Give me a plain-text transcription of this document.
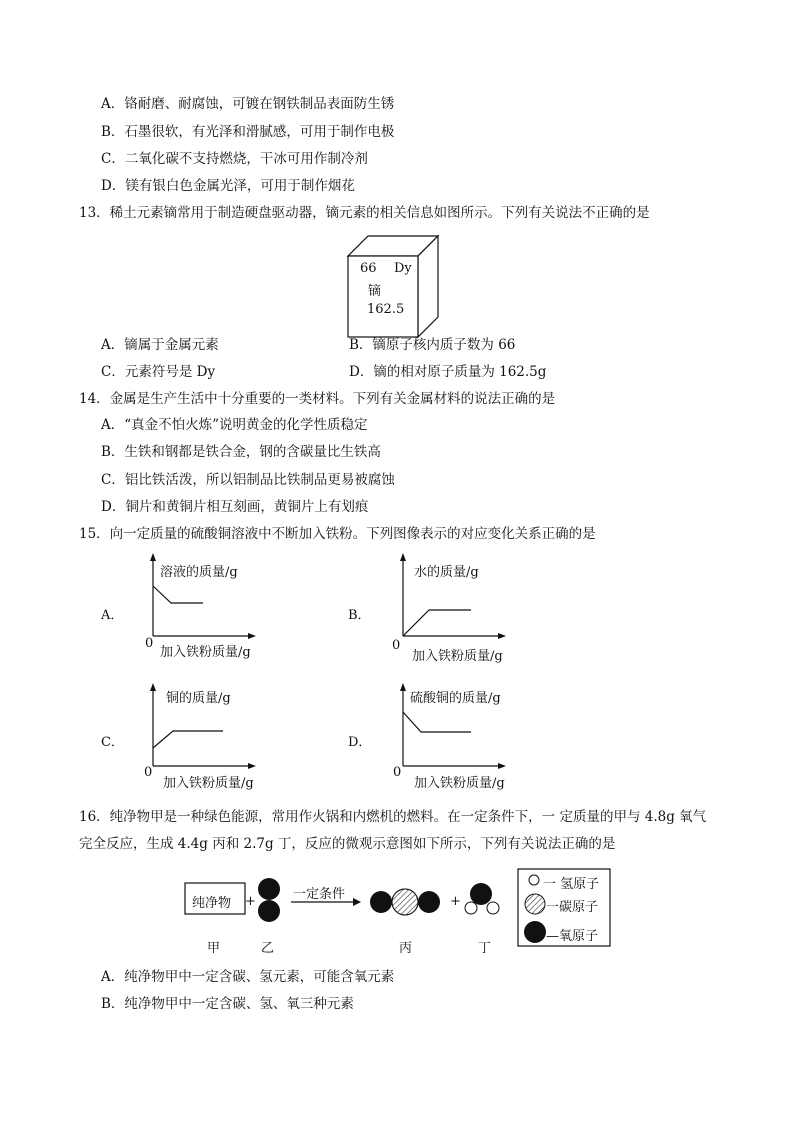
A．铬耐磨、耐腐蚀，可镀在钢铁制品表面防生锈
B．石墨很软，有光泽和滑腻感，可用于制作电极
C．二氧化碳不支持燃烧，干冰可用作制冷剂
D．镁有银白色金属光泽，可用于制作烟花
13．稀土元素镝常用于制造硬盘驱动器，镝元素的相关信息如图所示。下列有关说法不正确的是
66 Dy
镝
162.5
A．镝属于金属元素	B．镝原子核内质子数为 66
C．元素符号是 Dy	D．镝的相对原子质量为 162.5g
14．金属是生产生活中十分重要的一类材料。下列有关金属材料的说法正确的是
A．“真金不怕火炼”说明黄金的化学性质稳定
B．生铁和钢都是铁合金，钢的含碳量比生铁高
C．铝比铁活泼，所以铝制品比铁制品更易被腐蚀
D．铜片和黄铜片相互刻画，黄铜片上有划痕
15．向一定质量的硫酸铜溶液中不断加入铁粉。下列图像表示的对应变化关系正确的是
A．
溶液的质量/g
0
加入铁粉质量/g
B．
水的质量/g
0
加入铁粉质量/g
C．
铜的质量/g
0
加入铁粉质量/g
D．
硫酸铜的质量/g
0
加入铁粉质量/g
16．纯净物甲是一种绿色能源，常用作火锅和内燃机的燃料。在一定条件下，一 定质量的甲与 4.8g 氧气
完全反应，生成 4.4g 丙和 2.7g 丁，反应的微观示意图如下所示，下列有关说法正确的是
纯净物 +	一定条件	+
甲	乙	丙	丁
一 氢原子
一碳原子
—氧原子
A．纯净物甲中一定含碳、氢元素，可能含氧元素
B．纯净物甲中一定含碳、氢、氧三种元素
